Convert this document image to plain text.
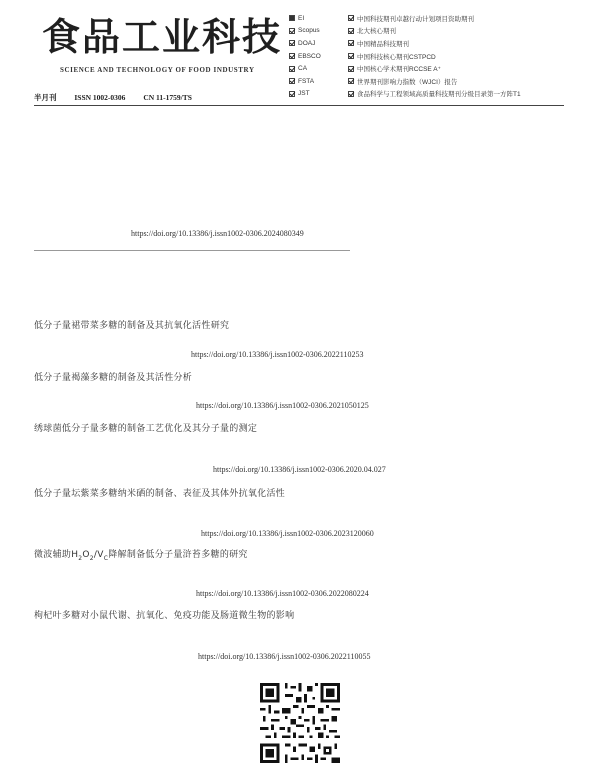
食品工业科技
SCIENCE AND TECHNOLOGY OF FOOD INDUSTRY
半月刊 ISSN 1002-0306 CN 11-1759/TS
EI
Scopus
DOAJ
EBSCO
CA
FSTA
JST
中国科技期刊卓越行动计划项目资助期刊
北大核心期刊
中国精品科技期刊
中国科技核心期刊CSTPCD
中国核心学术期刊RCCSE A⁺
世界期刊影响力指数（WJCI）报告
食品科学与工程领域高质量科技期刊分级目录第一方阵T1
https://doi.org/10.13386/j.issn1002-0306.2024080349
低分子量裙带菜多糖的制备及其抗氧化活性研究
https://doi.org/10.13386/j.issn1002-0306.2022110253
低分子量褐藻多糖的制备及其活性分析
https://doi.org/10.13386/j.issn1002-0306.2021050125
绣球菌低分子量多糖的制备工艺优化及其分子量的测定
https://doi.org/10.13386/j.issn1002-0306.2020.04.027
低分子量坛紫菜多糖纳米硒的制备、表征及其体外抗氧化活性
https://doi.org/10.13386/j.issn1002-0306.2023120060
微波辅助$H_2O_2/V_C$降解制备低分子量浒苔多糖的研究
https://doi.org/10.13386/j.issn1002-0306.2022080224
枸杞叶多糖对小鼠代谢、抗氧化、免疫功能及肠道微生物的影响
https://doi.org/10.13386/j.issn1002-0306.2022110055
